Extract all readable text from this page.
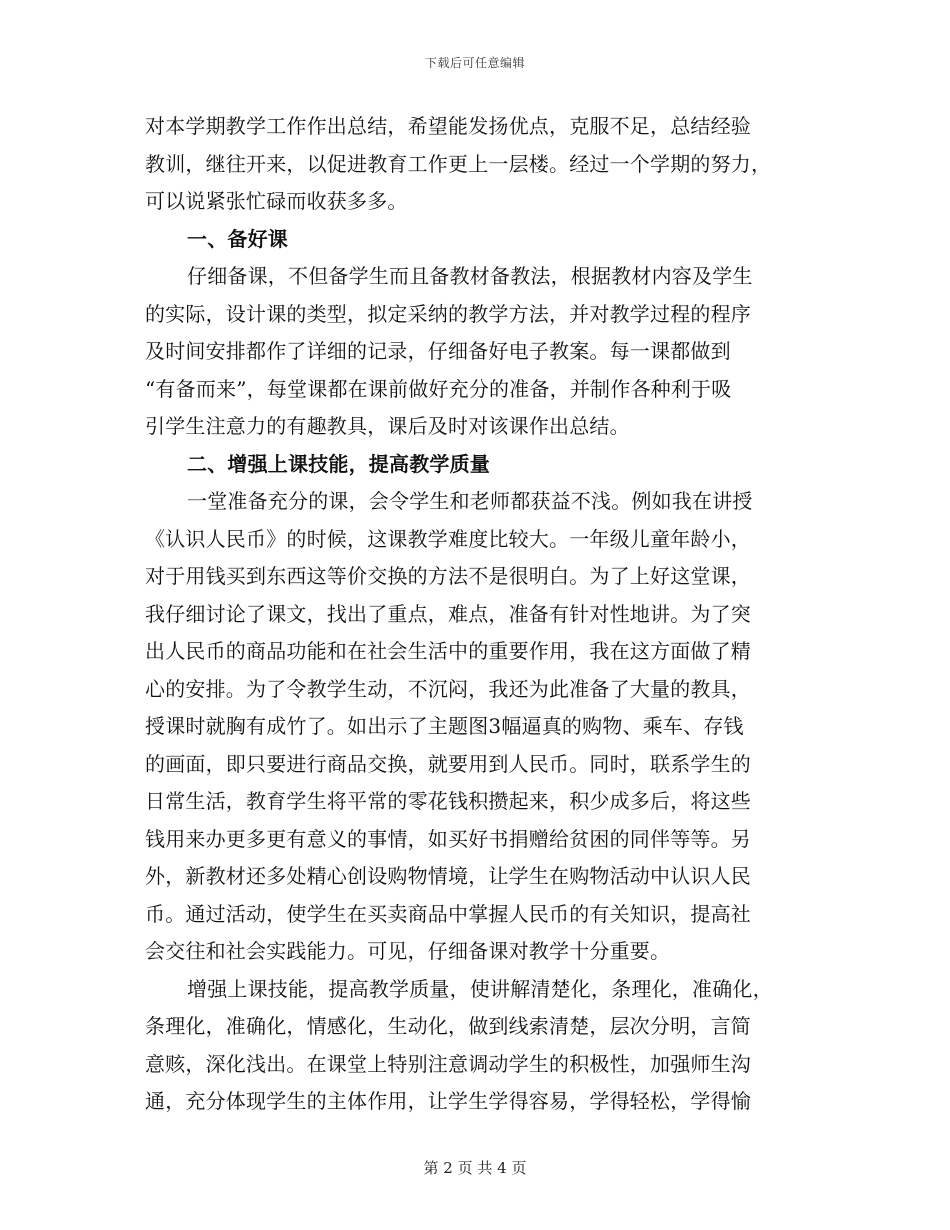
下载后可任意编辑
对本学期教学工作作出总结，希望能发扬优点，克服不足，总结经验
教训，继往开来，以促进教育工作更上一层楼。经过一个学期的努力，
可以说紧张忙碌而收获多多。
一、备好课
仔细备课，不但备学生而且备教材备教法，根据教材内容及学生
的实际，设计课的类型，拟定采纳的教学方法，并对教学过程的程序
及时间安排都作了详细的记录，仔细备好电子教案。每一课都做到
“有备而来”，每堂课都在课前做好充分的准备，并制作各种利于吸
引学生注意力的有趣教具，课后及时对该课作出总结。
二、增强上课技能，提高教学质量
一堂准备充分的课，会令学生和老师都获益不浅。例如我在讲授
《认识人民币》的时候，这课教学难度比较大。一年级儿童年龄小，
对于用钱买到东西这等价交换的方法不是很明白。为了上好这堂课，
我仔细讨论了课文，找出了重点，难点，准备有针对性地讲。为了突
出人民币的商品功能和在社会生活中的重要作用，我在这方面做了精
心的安排。为了令教学生动，不沉闷，我还为此准备了大量的教具，
授课时就胸有成竹了。如出示了主题图3幅逼真的购物、乘车、存钱
的画面，即只要进行商品交换，就要用到人民币。同时，联系学生的
日常生活，教育学生将平常的零花钱积攒起来，积少成多后，将这些
钱用来办更多更有意义的事情，如买好书捐赠给贫困的同伴等等。另
外，新教材还多处精心创设购物情境，让学生在购物活动中认识人民
币。通过活动，使学生在买卖商品中掌握人民币的有关知识，提高社
会交往和社会实践能力。可见，仔细备课对教学十分重要。
增强上课技能，提高教学质量，使讲解清楚化，条理化，准确化，
条理化，准确化，情感化，生动化，做到线索清楚，层次分明，言简
意赅，深化浅出。在课堂上特别注意调动学生的积极性，加强师生沟
通，充分体现学生的主体作用，让学生学得容易，学得轻松，学得愉
第 2 页 共 4 页
